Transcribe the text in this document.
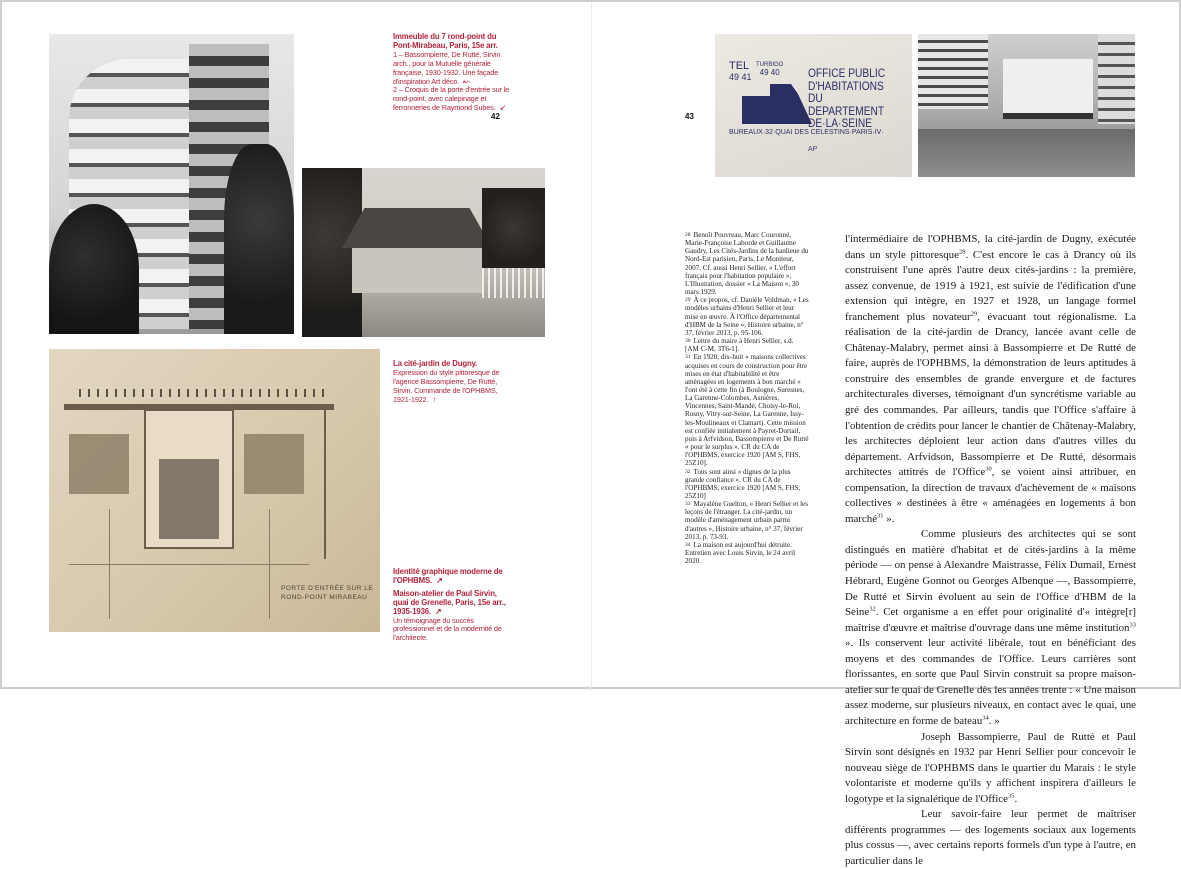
Immeuble du 7 rond-point du Pont-Mirabeau, Paris, 15e arr.
1 – Bassompierre, De Rutté, Sirvin arch., pour la Mutuelle générale française, 1930-1932. Une façade d'inspiration Art déco. ↜
2 – Croquis de la porte d'entrée sur le rond-point, avec calepinage et ferronneries de Raymond Subes. ↙
42
PORTE D'ENTRÉE SUR LE ROND-POINT MIRABEAU
La cité-jardin de Dugny.
Expression du style pittoresque de l'agence Bassompierre, De Rutté, Sirvin. Commande de l'OPHBMS, 1921-1922. ↑
Identité graphique moderne de l'OPHBMS. ↗
Maison-atelier de Paul Sirvin, quai de Grenelle, Paris, 15e arr., 1935-1936. ↗
Un témoignage du succès professionnel et de la modernité de l'architecte.
43
TEL
49 41
TURBIGO
49 40	OFFICE PUBLIC
D'HABITATIONS
DU DEPARTEMENT
DE·LA·SEINE
BUREAUX·32·QUAI DES CELESTINS·PARIS·IV·
AP
$^{28}$ Benoît Pouvreau, Marc Couronné, Marie-Françoise Laborde et Guillaume Gaudry, Les Cités-Jardins de la banlieue du Nord-Est parisien, Paris, Le Moniteur, 2007. Cf. aussi Henri Sellier, « L'effort français pour l'habitation populaire », L'Illustration, dossier « La Maison », 30 mars 1929.
$^{29}$ À ce propos, cf. Danièle Voldman, « Les modèles urbains d'Henri Sellier et leur mise en œuvre. À l'Office départemental d'HBM de la Seine », Histoire urbaine, n° 37, février 2013, p. 95-106.
$^{30}$ Lettre du maire à Henri Sellier, s.d. [AM C-M, 3T6-1].
$^{31}$ En 1920, dix-huit « maisons collectives acquises en cours de construction pour être mises en état d'habitabilité et être aménagées en logements à bon marché » l'ont été à cette fin (à Boulogne, Suresnes, La Garenne-Colombes, Asnières, Vincennes, Saint-Mandé, Choisy-le-Roi, Rosny, Vitry-sur-Seine, La Garenne, Issy-les-Moulineaux et Clamart). Cette mission est confiée initialement à Payret-Dortail, puis à Arfvidson, Bassompierre et De Rutté « pour le surplus ». CR du CA de l'OPHBMS, exercice 1920 [AM S, FHS, 25Z10].
$^{32}$ Tous sont ainsi « dignes de la plus grande confiance ». CR du CA de l'OPHBMS, exercice 1920 [AM S, FHS, 25Z10]
$^{33}$ Mayalène Guelton, « Henri Sellier et les leçons de l'étranger. La cité-jardin, un modèle d'aménagement urbain parmi d'autres », Histoire urbaine, n° 37, février 2013, p. 73-93.
$^{34}$ La maison est aujourd'hui détruite. Entretien avec Louis Sirvin, le 24 avril 2020.

l'intermédiaire de l'OPHBMS, la cité-jardin de Dugny, exécutée dans un style pittoresque$^{28}$. C'est encore le cas à Drancy où ils construisent l'une après l'autre deux cités-jardins : la première, assez convenue, de 1919 à 1921, est suivie de l'édification d'une extension qui intègre, en 1927 et 1928, un langage formel franchement plus novateur$^{29}$, évacuant tout régionalisme. La réalisation de la cité-jardin de Drancy, lancée avant celle de Châtenay-Malabry, permet ainsi à Bassompierre et De Rutté de faire, auprès de l'OPHBMS, la démonstration de leurs aptitudes à construire des ensembles de grande envergure et de factures architecturales diverses, témoignant d'un syncrétisme variable au gré des commandes. Par ailleurs, tandis que l'Office s'affaire à l'obtention de crédits pour lancer le chantier de Châtenay-Malabry, les architectes déploient leur action dans d'autres villes du département. Arfvidson, Bassompierre et De Rutté, désormais architectes attitrés de l'Office$^{30}$, se voient ainsi attribuer, en compensation, la direction de travaux d'achèvement de « maisons collectives » destinées à être « aménagées en logements à bon marché$^{31}$ ».

Comme plusieurs des architectes qui se sont distingués en matière d'habitat et de cités-jardins à la même période — on pense à Alexandre Maistrasse, Félix Dumail, Ernest Hébrard, Eugène Gonnot ou Georges Albenque —, Bassompierre, De Rutté et Sirvin évoluent au sein de l'Office d'HBM de la Seine$^{32}$. Cet organisme a en effet pour originalité d'« intègre[r] maîtrise d'œuvre et maîtrise d'ouvrage dans une même institution$^{33}$ ». Ils conservent leur activité libérale, tout en bénéficiant des moyens et des commandes de l'Office. Leurs carrières sont florissantes, en sorte que Paul Sirvin construit sa propre maison-atelier sur le quai de Grenelle dès les années trente : « Une maison assez moderne, sur plusieurs niveaux, en contact avec le quai, une architecture en forme de bateau$^{34}$. »

Joseph Bassompierre, Paul de Rutté et Paul Sirvin sont désignés en 1932 par Henri Sellier pour concevoir le nouveau siège de l'OPHBMS dans le quartier du Marais : le style volontariste et moderne qu'ils y affichent inspirera d'ailleurs le logotype et la signalétique de l'Office$^{35}$.

Leur savoir-faire leur permet de maîtriser différents programmes — des logements sociaux aux logements plus cossus —, avec certains reports formels d'un type à l'autre, en particulier dans le
